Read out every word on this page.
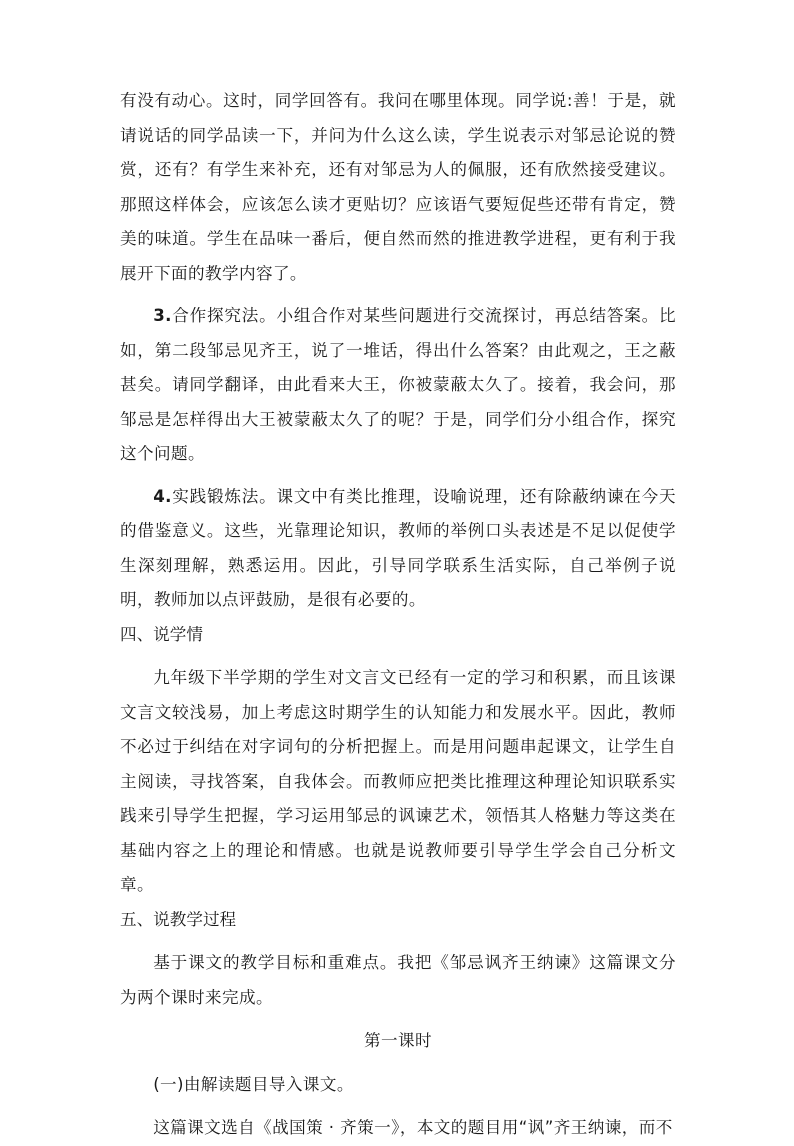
有没有动心。这时，同学回答有。我问在哪里体现。同学说:善！于是，就请说话的同学品读一下，并问为什么这么读，学生说表示对邹忌论说的赞赏，还有？有学生来补充，还有对邹忌为人的佩服，还有欣然接受建议。那照这样体会，应该怎么读才更贴切？应该语气要短促些还带有肯定，赞美的味道。学生在品味一番后，便自然而然的推进教学进程，更有利于我展开下面的教学内容了。

3.合作探究法。小组合作对某些问题进行交流探讨，再总结答案。比如，第二段邹忌见齐王，说了一堆话，得出什么答案？由此观之，王之蔽甚矣。请同学翻译，由此看来大王，你被蒙蔽太久了。接着，我会问，那邹忌是怎样得出大王被蒙蔽太久了的呢？于是，同学们分小组合作，探究这个问题。

4.实践锻炼法。课文中有类比推理，设喻说理，还有除蔽纳谏在今天的借鉴意义。这些，光靠理论知识，教师的举例口头表述是不足以促使学生深刻理解，熟悉运用。因此，引导同学联系生活实际，自己举例子说明，教师加以点评鼓励，是很有必要的。

四、说学情

九年级下半学期的学生对文言文已经有一定的学习和积累，而且该课文言文较浅易，加上考虑这时期学生的认知能力和发展水平。因此，教师不必过于纠结在对字词句的分析把握上。而是用问题串起课文，让学生自主阅读，寻找答案，自我体会。而教师应把类比推理这种理论知识联系实践来引导学生把握，学习运用邹忌的讽谏艺术，领悟其人格魅力等这类在基础内容之上的理论和情感。也就是说教师要引导学生学会自己分析文章。

五、说教学过程

基于课文的教学目标和重难点。我把《邹忌讽齐王纳谏》这篇课文分为两个课时来完成。

第一课时

(一)由解读题目导入课文。

这篇课文选自《战国策 · 齐策一》，本文的题目用“讽”齐王纳谏，而不
